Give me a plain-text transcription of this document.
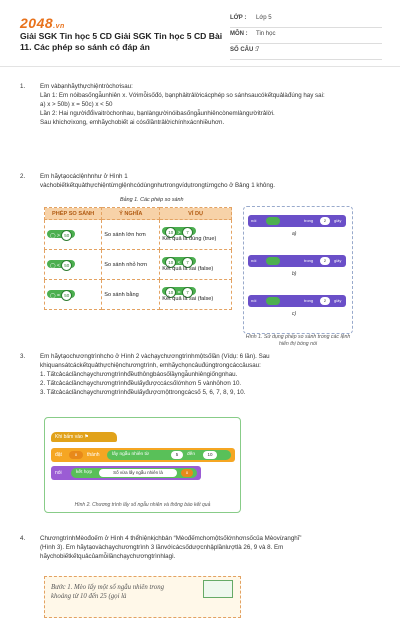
2048.vn
Giải SGK Tin học 5 CD Giải SGK Tin học 5 CD Bài 11. Các phép so sánh có đáp án
LỚP : Lớp 5
MÔN : Tin học
SỐ CÂU : 7
1. Em vàbạnhãythựchiệntròchơisau:

Lần 1: Em nóibasốngẫunhiên x. Vớimỗisốđó, bạnphảitrảlờicácphép so sánhsaucókếtquảlàđúng hay sai:

a) x > 50b) x = 50c) x < 50

Lần 2: Hai ngườiđổivaitròchonhau, bạnlàngườinóibasốngẫunhiêncònemlàngườitrảlời.

Sau khichơixong, emhãychobiết ai cósốlầntrảlờichínhxácnhiềuhơn.

2. Em hãytạocáclệnhnhư ở Hình 1

vàchobiếtkếtquảthựchiệntừnglệnhcódùngnhưtrongvídụtrongtừngcho ở Bảng 1 không.

Bảng 1. Các phép so sánh
PHÉP SO SÁNH	Ý NGHĨA	VÍ DỤ
◯ > 50	So sánh lớn hơn	10 > 7
Kết quả là đúng (true)
◯ < 50	So sánh nhỏ hơn	10 < 7
Kết quả là sai (false)
◯ = 50	So sánh bằng	10 = 7
Kết quả là sai (false)
nói	trong	2	giây
a)
nói	trong	2	giây
b)
nói	trong	2	giây
c)
Hình 1. Sử dụng phép so sánh trong các lệnh hiển thị bóng nói
3. Em hãytạochươngtrìnhcho ở Hình 2 vàchạychươngtrìnhmộtsốlần (Vídụ: 6 lần). Sau

khiquansátcáckếtquảthựchiệnchươngtrình, emhãychọncâuđúngtrongcáccâusau:

1. Tấtcảcáclầnchạychươngtrìnhđềuthôngbáosốlầyngẫunhiêngiốngnhau.

2. Tấtcảcáclầnchạychươngtrìnhđềulấyđượccácsốlớnhơn 5 vànhỏhơn 10.

3. Tấtcảcáclầnchạychươngtrìnhđềulấyđượcmộttrongcácsố 5, 6, 7, 8, 9, 10.

Khi bấm vào ⚑
đặt	x	thành	lấy ngẫu nhiên từ	5	đến	10
nói	kết hợp	Số vừa lấy ngẫu nhiên là	x
Hình 2. Chương trình lấy số ngẫu nhiên và thông báo kết quả
4. ChươngtrìnhMèođoếm ở Hình 4 thểhiệnkịchbản “Mèođếmchomộtsốlớnhơnsốcủa Mèovừanghĩ”

(Hình 3). Em hãytạovàchạychươngtrình 3 lầnvớicácsốdượcnhậplầnlượtlà 26, 9 và 8. Em

hãychobiếtkếtquảcủamỗilầnchạychươngtrìnhlagì.

Bước 1. Mèo lấy một số ngẫu nhiên trong khoảng từ 10 đến 25 (gọi là
